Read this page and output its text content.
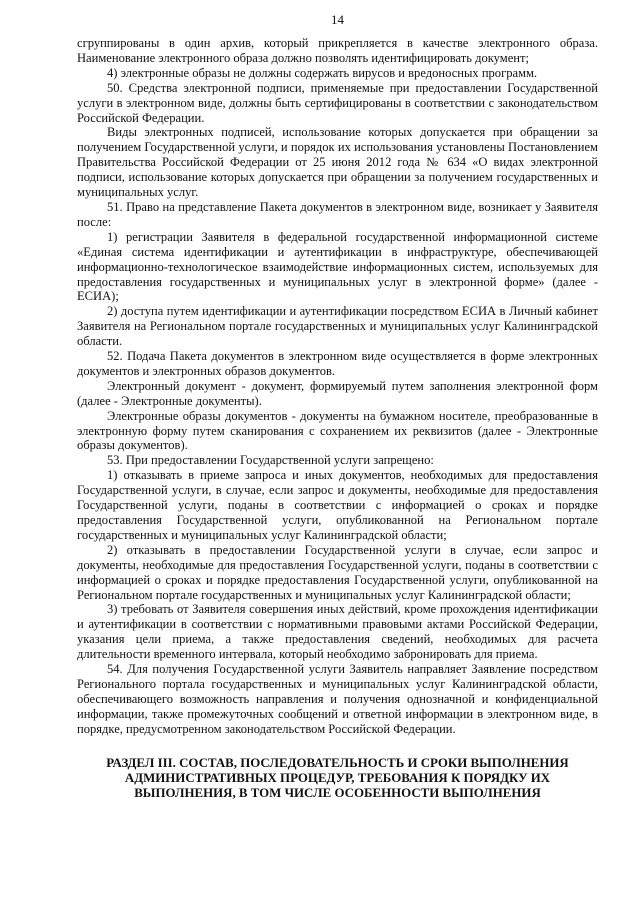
14

сгруппированы в один архив, который прикрепляется в качестве электронного образа. Наименование электронного образа должно позволять идентифицировать документ;

4) электронные образы не должны содержать вирусов и вредоносных программ.

50. Средства электронной подписи, применяемые при предоставлении Государственной услуги в электронном виде, должны быть сертифицированы в соответствии с законодательством Российской Федерации.

Виды электронных подписей, использование которых допускается при обращении за получением Государственной услуги, и порядок их использования установлены Постановлением Правительства Российской Федерации от 25 июня 2012 года № 634 «О видах электронной подписи, использование которых допускается при обращении за получением государственных и муниципальных услуг.

51. Право на представление Пакета документов в электронном виде, возникает у Заявителя после:

1) регистрации Заявителя в федеральной государственной информационной системе «Единая система идентификации и аутентификации в инфраструктуре, обеспечивающей информационно-технологическое взаимодействие информационных систем, используемых для предоставления государственных и муниципальных услуг в электронной форме» (далее - ЕСИА);

2) доступа путем идентификации и аутентификации посредством ЕСИА в Личный кабинет Заявителя на Региональном портале государственных и муниципальных услуг Калининградской области.

52. Подача Пакета документов в электронном виде осуществляется в форме электронных документов и электронных образов документов.

Электронный документ - документ, формируемый путем заполнения электронной форм (далее - Электронные документы).

Электронные образы документов - документы на бумажном носителе, преобразованные в электронную форму путем сканирования с сохранением их реквизитов (далее - Электронные образы документов).

53. При предоставлении Государственной услуги запрещено:

1) отказывать в приеме запроса и иных документов, необходимых для предоставления Государственной услуги, в случае, если запрос и документы, необходимые для предоставления Государственной услуги, поданы в соответствии с информацией о сроках и порядке предоставления Государственной услуги, опубликованной на Региональном портале государственных и муниципальных услуг Калининградской области;

2) отказывать в предоставлении Государственной услуги в случае, если запрос и документы, необходимые для предоставления Государственной услуги, поданы в соответствии с информацией о сроках и порядке предоставления Государственной услуги, опубликованной на Региональном портале государственных и муниципальных услуг Калининградской области;

3) требовать от Заявителя совершения иных действий, кроме прохождения идентификации и аутентификации в соответствии с нормативными правовыми актами Российской Федерации, указания цели приема, а также предоставления сведений, необходимых для расчета длительности временного интервала, который необходимо забронировать для приема.

54. Для получения Государственной услуги Заявитель направляет Заявление посредством Регионального портала государственных и муниципальных услуг Калининградской области, обеспечивающего возможность направления и получения однозначной и конфиденциальной информации, также промежуточных сообщений и ответной информации в электронном виде, в порядке, предусмотренном законодательством Российской Федерации.

РАЗДЕЛ III. СОСТАВ, ПОСЛЕДОВАТЕЛЬНОСТЬ И СРОКИ ВЫПОЛНЕНИЯ
АДМИНИСТРАТИВНЫХ ПРОЦЕДУР, ТРЕБОВАНИЯ К ПОРЯДКУ ИХ
ВЫПОЛНЕНИЯ, В ТОМ ЧИСЛЕ ОСОБЕННОСТИ ВЫПОЛНЕНИЯ
